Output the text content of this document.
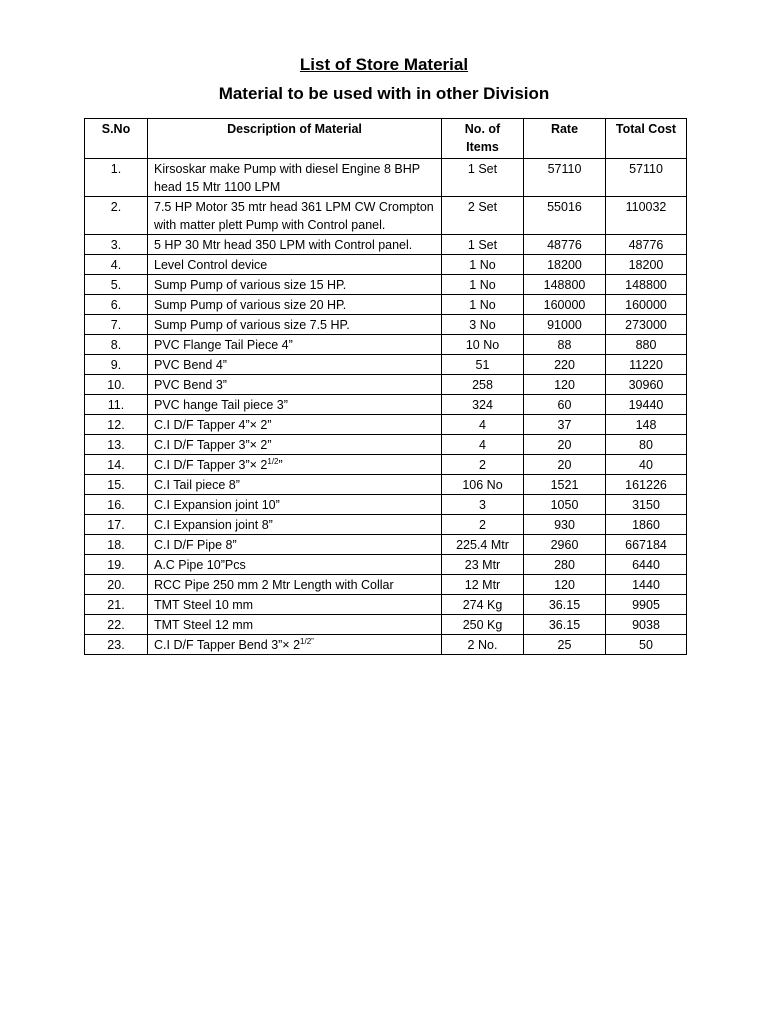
List of Store Material
Material to be used with in other Division
S.No	Description of Material	No. of Items	Rate	Total Cost
1.	Kirsoskar make Pump with diesel Engine 8 BHP head 15 Mtr 1100 LPM	1 Set	57110	57110
2.	7.5 HP Motor 35 mtr head 361 LPM CW Crompton with matter plett Pump with Control panel.	2 Set	55016	110032
3.	5 HP 30 Mtr head 350 LPM with Control panel.	1 Set	48776	48776
4.	Level Control device	1 No	18200	18200
5.	Sump Pump of various size 15 HP.	1 No	148800	148800
6.	Sump Pump of various size 20 HP.	1 No	160000	160000
7.	Sump Pump of various size 7.5 HP.	3 No	91000	273000
8.	PVC Flange Tail Piece 4”	10 No	88	880
9.	PVC Bend 4”	51	220	11220
10.	PVC Bend 3”	258	120	30960
11.	PVC hange Tail piece 3”	324	60	19440
12.	C.I D/F Tapper 4”× 2”	4	37	148
13.	C.I D/F Tapper 3”× 2”	4	20	80
14.	C.I D/F Tapper 3”× $2^{1/2}$”	2	20	40
15.	C.I Tail piece 8”	106 No	1521	161226
16.	C.I Expansion joint 10”	3	1050	3150
17.	C.I Expansion joint 8”	2	930	1860
18.	C.I D/F Pipe 8”	225.4 Mtr	2960	667184
19.	A.C Pipe 10”Pcs	23 Mtr	280	6440
20.	RCC Pipe 250 mm 2 Mtr Length with Collar	12 Mtr	120	1440
21.	TMT Steel 10 mm	274 Kg	36.15	9905
22.	TMT Steel 12 mm	250 Kg	36.15	9038
23.	C.I D/F Tapper Bend 3”× $2^{1/2”}$	2 No.	25	50
